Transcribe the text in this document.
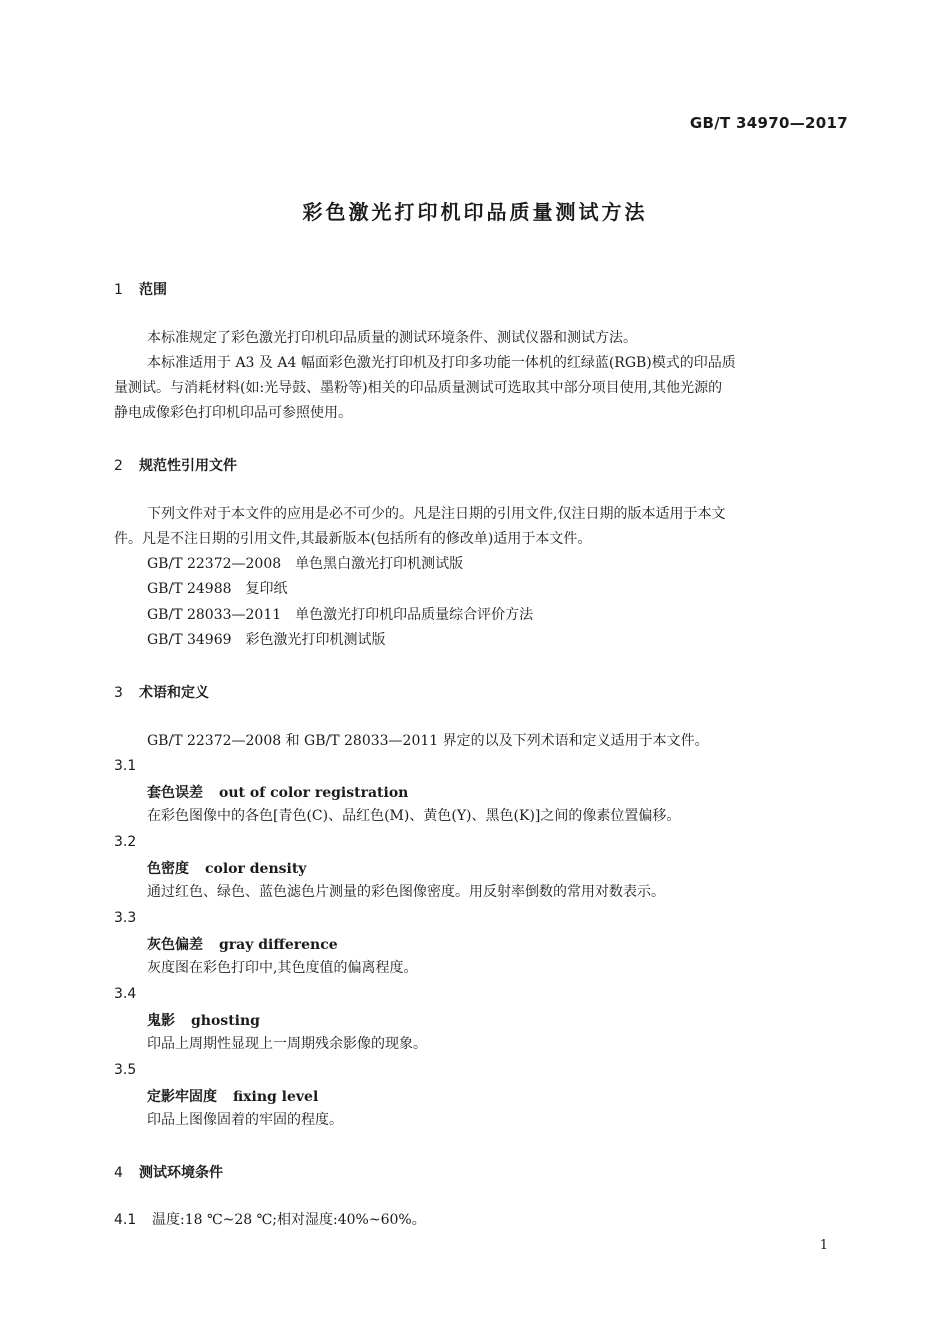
GB/T 34970—2017
彩色激光打印机印品质量测试方法
1 范围
本标准规定了彩色激光打印机印品质量的测试环境条件、测试仪器和测试方法。
本标准适用于 A3 及 A4 幅面彩色激光打印机及打印多功能一体机的红绿蓝(RGB)模式的印品质
量测试。与消耗材料(如:光导鼓、墨粉等)相关的印品质量测试可选取其中部分项目使用,其他光源的
静电成像彩色打印机印品可参照使用。
2 规范性引用文件
下列文件对于本文件的应用是必不可少的。凡是注日期的引用文件,仅注日期的版本适用于本文
件。凡是不注日期的引用文件,其最新版本(包括所有的修改单)适用于本文件。
GB/T 22372—2008 单色黑白激光打印机测试版
GB/T 24988 复印纸
GB/T 28033—2011 单色激光打印机印品质量综合评价方法
GB/T 34969 彩色激光打印机测试版
3 术语和定义
GB/T 22372—2008 和 GB/T 28033—2011 界定的以及下列术语和定义适用于本文件。
3.1
套色误差 out of color registration
在彩色图像中的各色[青色(C)、品红色(M)、黄色(Y)、黑色(K)]之间的像素位置偏移。
3.2
色密度 color density
通过红色、绿色、蓝色滤色片测量的彩色图像密度。用反射率倒数的常用对数表示。
3.3
灰色偏差 gray difference
灰度图在彩色打印中,其色度值的偏离程度。
3.4
鬼影 ghosting
印品上周期性显现上一周期残余影像的现象。
3.5
定影牢固度 fixing level
印品上图像固着的牢固的程度。
4 测试环境条件
4.1 温度:18 ℃~28 ℃;相对湿度:40%~60%。
1
